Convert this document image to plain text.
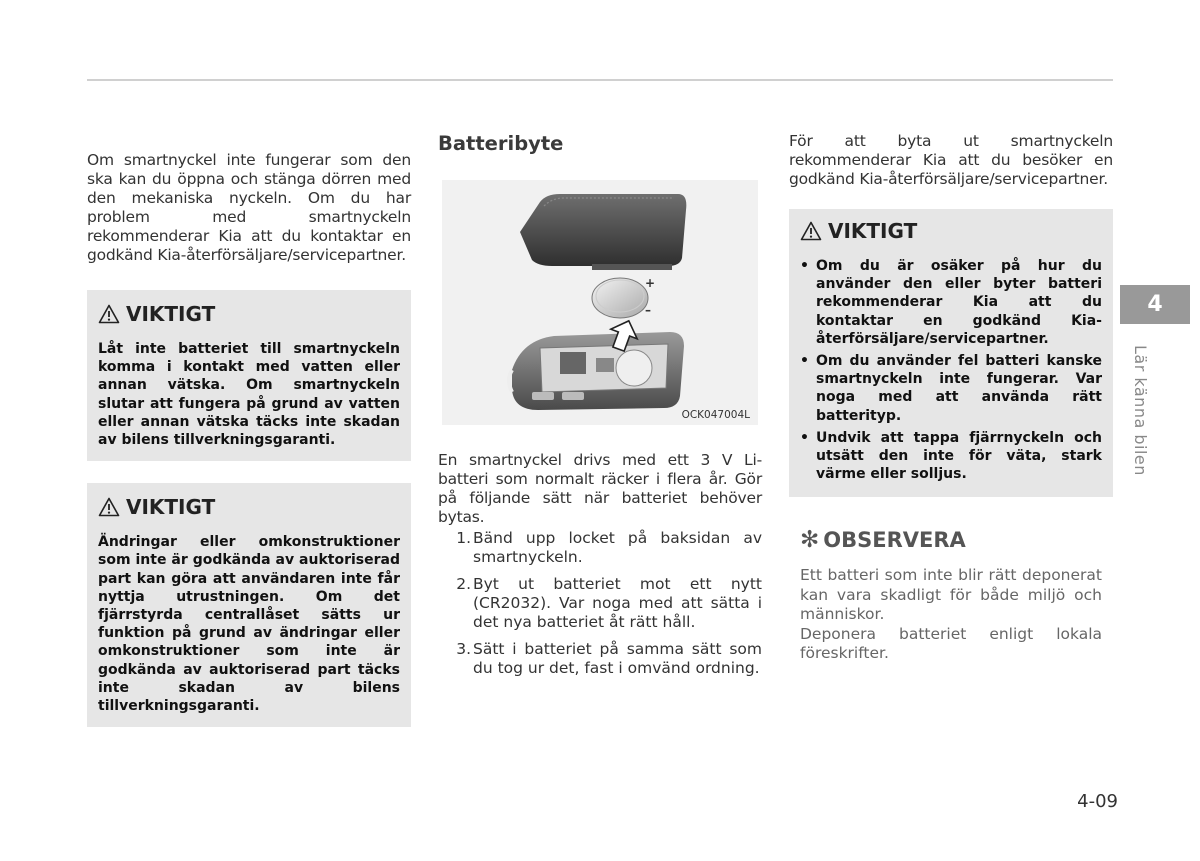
Om smartnyckel inte fungerar som den ska kan du öppna och stänga dörren med den mekaniska nyckeln. Om du har problem med smartnyckeln rekommenderar Kia att du kontaktar en godkänd Kia-återförsäljare/servicepartner.

VIKTIGT

Låt inte batteriet till smartnyckeln komma i kontakt med vatten eller annan vätska. Om smartnyckeln slutar att fungera på grund av vatten eller annan vätska täcks inte skadan av bilens tillverkningsgaranti.

VIKTIGT

Ändringar eller omkonstruktioner som inte är godkända av auktoriserad part kan göra att användaren inte får nyttja utrustningen. Om det fjärrstyrda centrallåset sätts ur funktion på grund av ändringar eller omkonstruktioner som inte är godkända av auktoriserad part täcks inte skadan av bilens tillverkningsgaranti.

Batteribyte
+
–
OCK047004L

En smartnyckel drivs med ett 3 V Li-batteri som normalt räcker i flera år. Gör på följande sätt när batteriet behöver bytas.

1. Bänd upp locket på baksidan av smartnyckeln.
2. Byt ut batteriet mot ett nytt (CR2032). Var noga med att sätta i det nya batteriet åt rätt håll.
3. Sätt i batteriet på samma sätt som du tog ur det, fast i omvänd ordning.

För att byta ut smartnyckeln rekommenderar Kia att du besöker en godkänd Kia-återförsäljare/servicepartner.

VIKTIGT
• Om du är osäker på hur du använder den eller byter batteri rekommenderar Kia att du kontaktar en godkänd Kia-återförsäljare/servicepartner.
• Om du använder fel batteri kanske smartnyckeln inte fungerar. Var noga med att använda rätt batterityp.
• Undvik att tappa fjärrnyckeln och utsätt den inte för väta, stark värme eller solljus.
✻ OBSERVERA

Ett batteri som inte blir rätt deponerat kan vara skadligt för både miljö och människor.

Deponera batteriet enligt lokala föreskrifter.

4
Lär känna bilen
4-09
